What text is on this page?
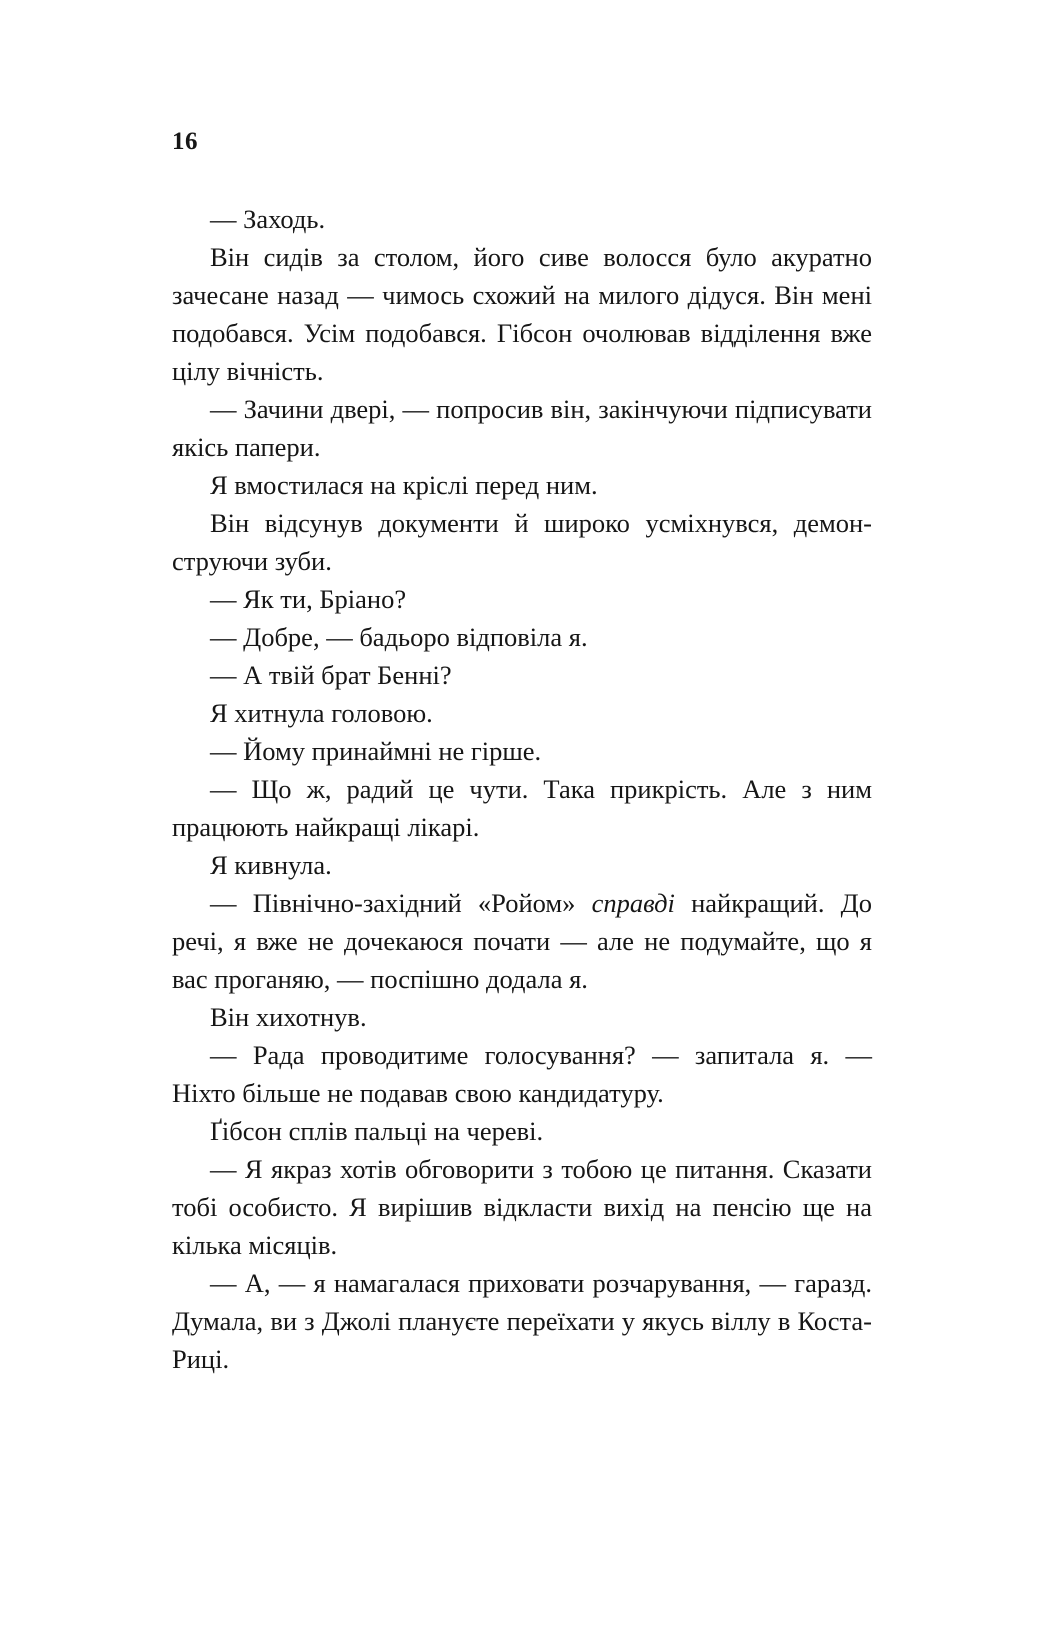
16

— Заходь.

Він сидів за столом, його сиве волосся було акуратно зачесане назад — чимось схожий на милого дідуся. Він мені подобався. Усім подобався. Гібсон очолював відділення вже цілу вічність.

— Зачини двері, — попросив він, закінчуючи підписувати якісь папери.

Я вмостилася на кріслі перед ним.

Він відсунув документи й широко усміхнувся, демонструючи зуби.

— Як ти, Бріано?

— Добре, — бадьоро відповіла я.

— А твій брат Бенні?

Я хитнула головою.

— Йому принаймні не гірше.

— Що ж, радий це чути. Така прикрість. Але з ним працюють найкращі лікарі.

Я кивнула.

— Північно-західний «Ройом» справді найкращий. До речі, я вже не дочекаюся почати — але не подумайте, що я вас проганяю, — поспішно додала я.

Він хихотнув.

— Рада проводитиме голосування? — запитала я. — Ніхто більше не подавав свою кандидатуру.

Ґібсон сплів пальці на череві.

— Я якраз хотів обговорити з тобою це питання. Сказати тобі особисто. Я вирішив відкласти вихід на пенсію ще на кілька місяців.

— А, — я намагалася приховати розчарування, — гаразд. Думала, ви з Джолі плануєте переїхати у якусь віллу в Коста-Риці.
